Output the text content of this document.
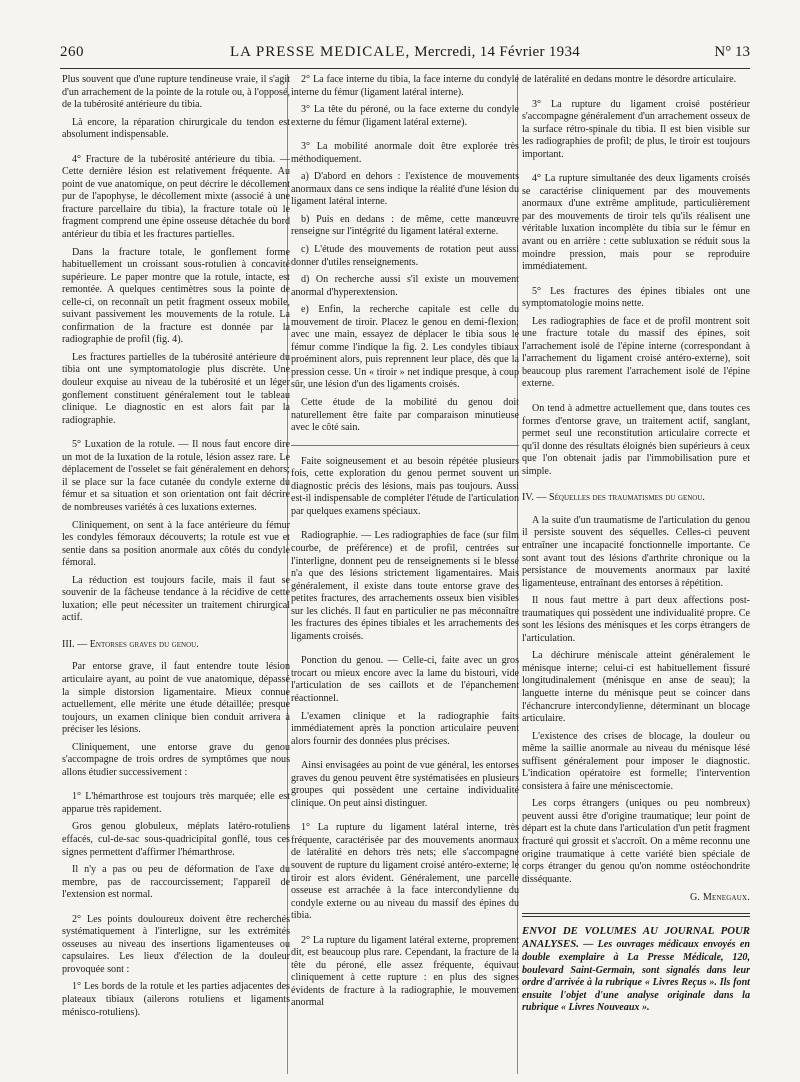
260	LA PRESSE MEDICALE, Mercredi, 14 Février 1934	N° 13

Plus souvent que d'une rupture tendineuse vraie, il s'agit d'un arrachement de la pointe de la rotule ou, à l'opposé, de la tubérosité antérieure du tibia.

Là encore, la réparation chirurgicale du tendon est absolument indispensable.

4° Fracture de la tubérosité antérieure du tibia. — Cette dernière lésion est relativement fréquente. Au point de vue anatomique, on peut décrire le décollement pur de l'apophyse, le décollement mixte (associé à une fracture parcellaire du tibia), la fracture totale où le fragment comprend une épine osseuse détachée du bord antérieur du tibia et les fractures partielles.

Dans la fracture totale, le gonflement forme habituellement un croissant sous-rotulien à concavité supérieure. Le paper montre que la rotule, intacte, est remontée. A quelques centimètres sous la pointe de celle-ci, on reconnaît un petit fragment osseux mobile, suivant passivement les mouvements de la rotule. La confirmation de la fracture est donnée par la radiographie de profil (fig. 4).

Les fractures partielles de la tubérosité antérieure du tibia ont une symptomatologie plus discrète. Une douleur exquise au niveau de la tubérosité et un léger gonflement constituent généralement tout le tableau clinique. Le diagnostic en est alors fait par la radiographie.

5° Luxation de la rotule. — Il nous faut encore dire un mot de la luxation de la rotule, lésion assez rare. Le déplacement de l'osselet se fait généralement en dehors; il se place sur la face cutanée du condyle externe du fémur et sa situation et son orientation ont fait décrire de nombreuses variétés à ces luxations externes.

Cliniquement, on sent à la face antérieure du fémur les condyles fémoraux découverts; la rotule est vue et sentie dans sa position anormale aux côtés du condyle fémoral.

La réduction est toujours facile, mais il faut se souvenir de la fâcheuse tendance à la récidive de cette luxation; elle peut nécessiter un traitement chirurgical actif.

III. — Entorses graves du genou.

Par entorse grave, il faut entendre toute lésion articulaire ayant, au point de vue anatomique, dépassé la simple distorsion ligamentaire. Mieux connue actuellement, elle mérite une étude détaillée; presque toujours, un examen clinique bien conduit arrivera à préciser les lésions.

Cliniquement, une entorse grave du genou s'accompagne de trois ordres de symptômes que nous allons étudier successivement :

1° L'hémarthrose est toujours très marquée; elle est apparue très rapidement.

Gros genou globuleux, méplats latéro-rotuliens effacés, cul-de-sac sous-quadricipital gonflé, tous ces signes permettent d'affirmer l'hémarthrose.

Il n'y a pas ou peu de déformation de l'axe du membre, pas de raccourcissement; l'appareil de l'extension est normal.

2° Les points douloureux doivent être recherchés systématiquement à l'interligne, sur les extrémités osseuses au niveau des insertions ligamenteuses ou capsulaires. Les lieux d'élection de la douleur provoquée sont :

1° Les bords de la rotule et les parties adjacentes des plateaux tibiaux (ailerons rotuliens et ligaments ménisco-rotuliens).

2° La face interne du tibia, la face interne du condyle interne du fémur (ligament latéral interne).

3° La tête du péroné, ou la face externe du condyle externe du fémur (ligament latéral externe).

3° La mobilité anormale doit être explorée très méthodiquement.

a) D'abord en dehors : l'existence de mouvements anormaux dans ce sens indique la réalité d'une lésion du ligament latéral interne.

b) Puis en dedans : de même, cette manœuvre renseigne sur l'intégrité du ligament latéral externe.

c) L'étude des mouvements de rotation peut aussi donner d'utiles renseignements.

d) On recherche aussi s'il existe un mouvement anormal d'hyperextension.

e) Enfin, la recherche capitale est celle du mouvement de tiroir. Placez le genou en demi-flexion; avec une main, essayez de déplacer le tibia sous le fémur comme l'indique la fig. 2. Les condyles tibiaux proéminent alors, puis reprennent leur place, dès que la pression cesse. Un « tiroir » net indique presque, à coup sûr, une lésion d'un des ligaments croisés.

Cette étude de la mobilité du genou doit naturellement être faite par comparaison minutieuse avec le côté sain.

Faite soigneusement et au besoin répétée plusieurs fois, cette exploration du genou permet souvent un diagnostic précis des lésions, mais pas toujours. Aussi est-il indispensable de compléter l'étude de l'articulation par quelques examens spéciaux.

Radiographie. — Les radiographies de face (sur film courbe, de préférence) et de profil, centrées sur l'interligne, donnent peu de renseignements si le blessé n'a que des lésions strictement ligamentaires. Mais généralement, il existe dans toute entorse grave des petites fractures, des arrachements osseux bien visibles sur les clichés. Il faut en particulier ne pas méconnaître les fractures des épines tibiales et les arrachements des ligaments croisés.

Ponction du genou. — Celle-ci, faite avec un gros trocart ou mieux encore avec la lame du bistouri, vide l'articulation de ses caillots et de l'épanchement réactionnel.

L'examen clinique et la radiographie faits immédiatement après la ponction articulaire peuvent alors fournir des données plus précises.

Ainsi envisagées au point de vue général, les entorses graves du genou peuvent être systématisées en plusieurs groupes qui possèdent une certaine individualité clinique. On peut ainsi distinguer.

1° La rupture du ligament latéral interne, très fréquente, caractérisée par des mouvements anormaux de latéralité en dehors très nets; elle s'accompagne souvent de rupture du ligament croisé antéro-externe; le tiroir est alors évident. Généralement, une parcelle osseuse est arrachée à la face intercondylienne du condyle externe ou au niveau du massif des épines du tibia.

2° La rupture du ligament latéral externe, proprement dit, est beaucoup plus rare. Cependant, la fracture de la tête du péroné, elle assez fréquente, équivaut cliniquement à cette rupture : en plus des signes évidents de fracture à la radiographie, le mouvement anormal

de latéralité en dedans montre le désordre articulaire.

3° La rupture du ligament croisé postérieur s'accompagne généralement d'un arrachement osseux de la surface rétro-spinale du tibia. Il est bien visible sur les radiographies de profil; de plus, le tiroir est toujours important.

4° La rupture simultanée des deux ligaments croisés se caractérise cliniquement par des mouvements anormaux d'une extrême amplitude, particulièrement par des mouvements de tiroir tels qu'ils réalisent une véritable luxation incomplète du tibia sur le fémur en avant ou en arrière : cette subluxation se réduit sous la moindre pression, mais pour se reproduire immédiatement.

5° Les fractures des épines tibiales ont une symptomatologie moins nette.

Les radiographies de face et de profil montrent soit une fracture totale du massif des épines, soit l'arrachement isolé de l'épine interne (correspondant à l'arrachement du ligament croisé antéro-externe), soit beaucoup plus rarement l'arrachement isolé de l'épine externe.

On tend à admettre actuellement que, dans toutes ces formes d'entorse grave, un traitement actif, sanglant, permet seul une reconstitution articulaire correcte et qu'il donne des résultats éloignés bien supérieurs à ceux que l'on obtenait jadis par l'immobilisation pure et simple.

IV. — Séquelles des traumatismes du genou.

A la suite d'un traumatisme de l'articulation du genou il persiste souvent des séquelles. Celles-ci peuvent entraîner une incapacité fonctionnelle importante. Ce sont avant tout des lésions d'arthrite chronique ou la persistance de mouvements anormaux par laxité ligamenteuse, entraînant des entorses à répétition.

Il nous faut mettre à part deux affections post-traumatiques qui possèdent une individualité propre. Ce sont les lésions des ménisques et les corps étrangers de l'articulation.

La déchirure méniscale atteint généralement le ménisque interne; celui-ci est habituellement fissuré longitudinalement (ménisque en anse de seau); la languette interne du ménisque peut se coincer dans l'échancrure intercondylienne, déterminant un blocage articulaire.

L'existence des crises de blocage, la douleur ou même la saillie anormale au niveau du ménisque lésé suffisent généralement pour imposer le diagnostic. L'indication opératoire est formelle; l'intervention consistera à faire une méniscectomie.

Les corps étrangers (uniques ou peu nombreux) peuvent aussi être d'origine traumatique; leur point de départ est la chute dans l'articulation d'un petit fragment fracturé qui grossit et s'accroît. On a même reconnu une origine traumatique à cette variété bien spéciale de corps étranger du genou qu'on nomme ostéochondrite disséquante.

G. Menegaux.

ENVOI DE VOLUMES AU JOURNAL POUR ANALYSES. — Les ouvrages médicaux envoyés en double exemplaire à La Presse Médicale, 120, boulevard Saint-Germain, sont signalés dans leur ordre d'arrivée à la rubrique « Livres Reçus ». Ils font ensuite l'objet d'une analyse originale dans la rubrique « Livres Nouveaux ».
